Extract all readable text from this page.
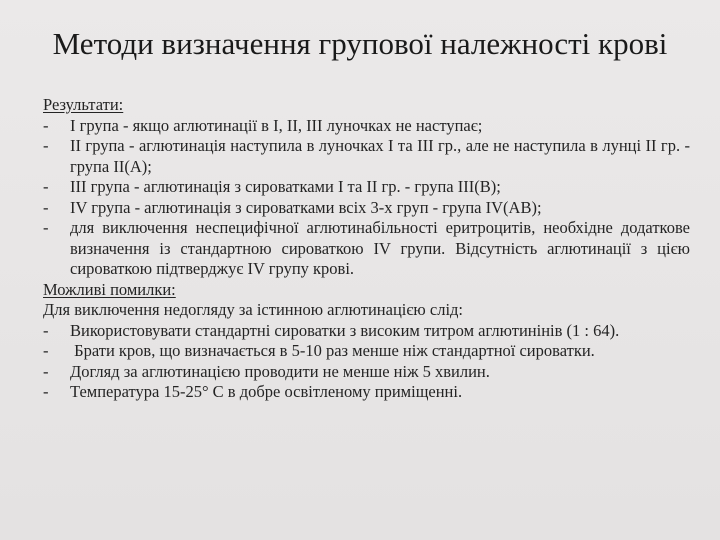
Методи визначення групової належності крові

Результати:

-	І група - якщо аглютинації в І, ІІ, ІІІ луночках не наступає;
-	ІІ група - аглютинація наступила в луночках І та ІІІ гр., але не наступила в лунці ІІ гр. - група ІІ(А);
-	ІІІ група - аглютинація з сироватками І та ІІ гр. - група ІІІ(В);
-	IV група - аглютинація з сироватками всіх 3-х груп - група IV(АВ);
-	для виключення неспецифічної аглютинабільності еритроцитів, необхідне додаткове визначення із стандартною сироваткою IV групи. Відсутність аглютинації з цією сироваткою підтверджує IV групу крові.

Можливі помилки:

Для виключення недогляду за істинною аглютинацією слід:

-	Використовувати стандартні сироватки з високим титром аглютинінів (1 : 64).
-	Брати кров, що визначається в 5-10 раз менше ніж стандартної сироватки.
-	Догляд за аглютинацією проводити не менше ніж 5 хвилин.
-	Температура 15-25° С в добре освітленому приміщенні.
